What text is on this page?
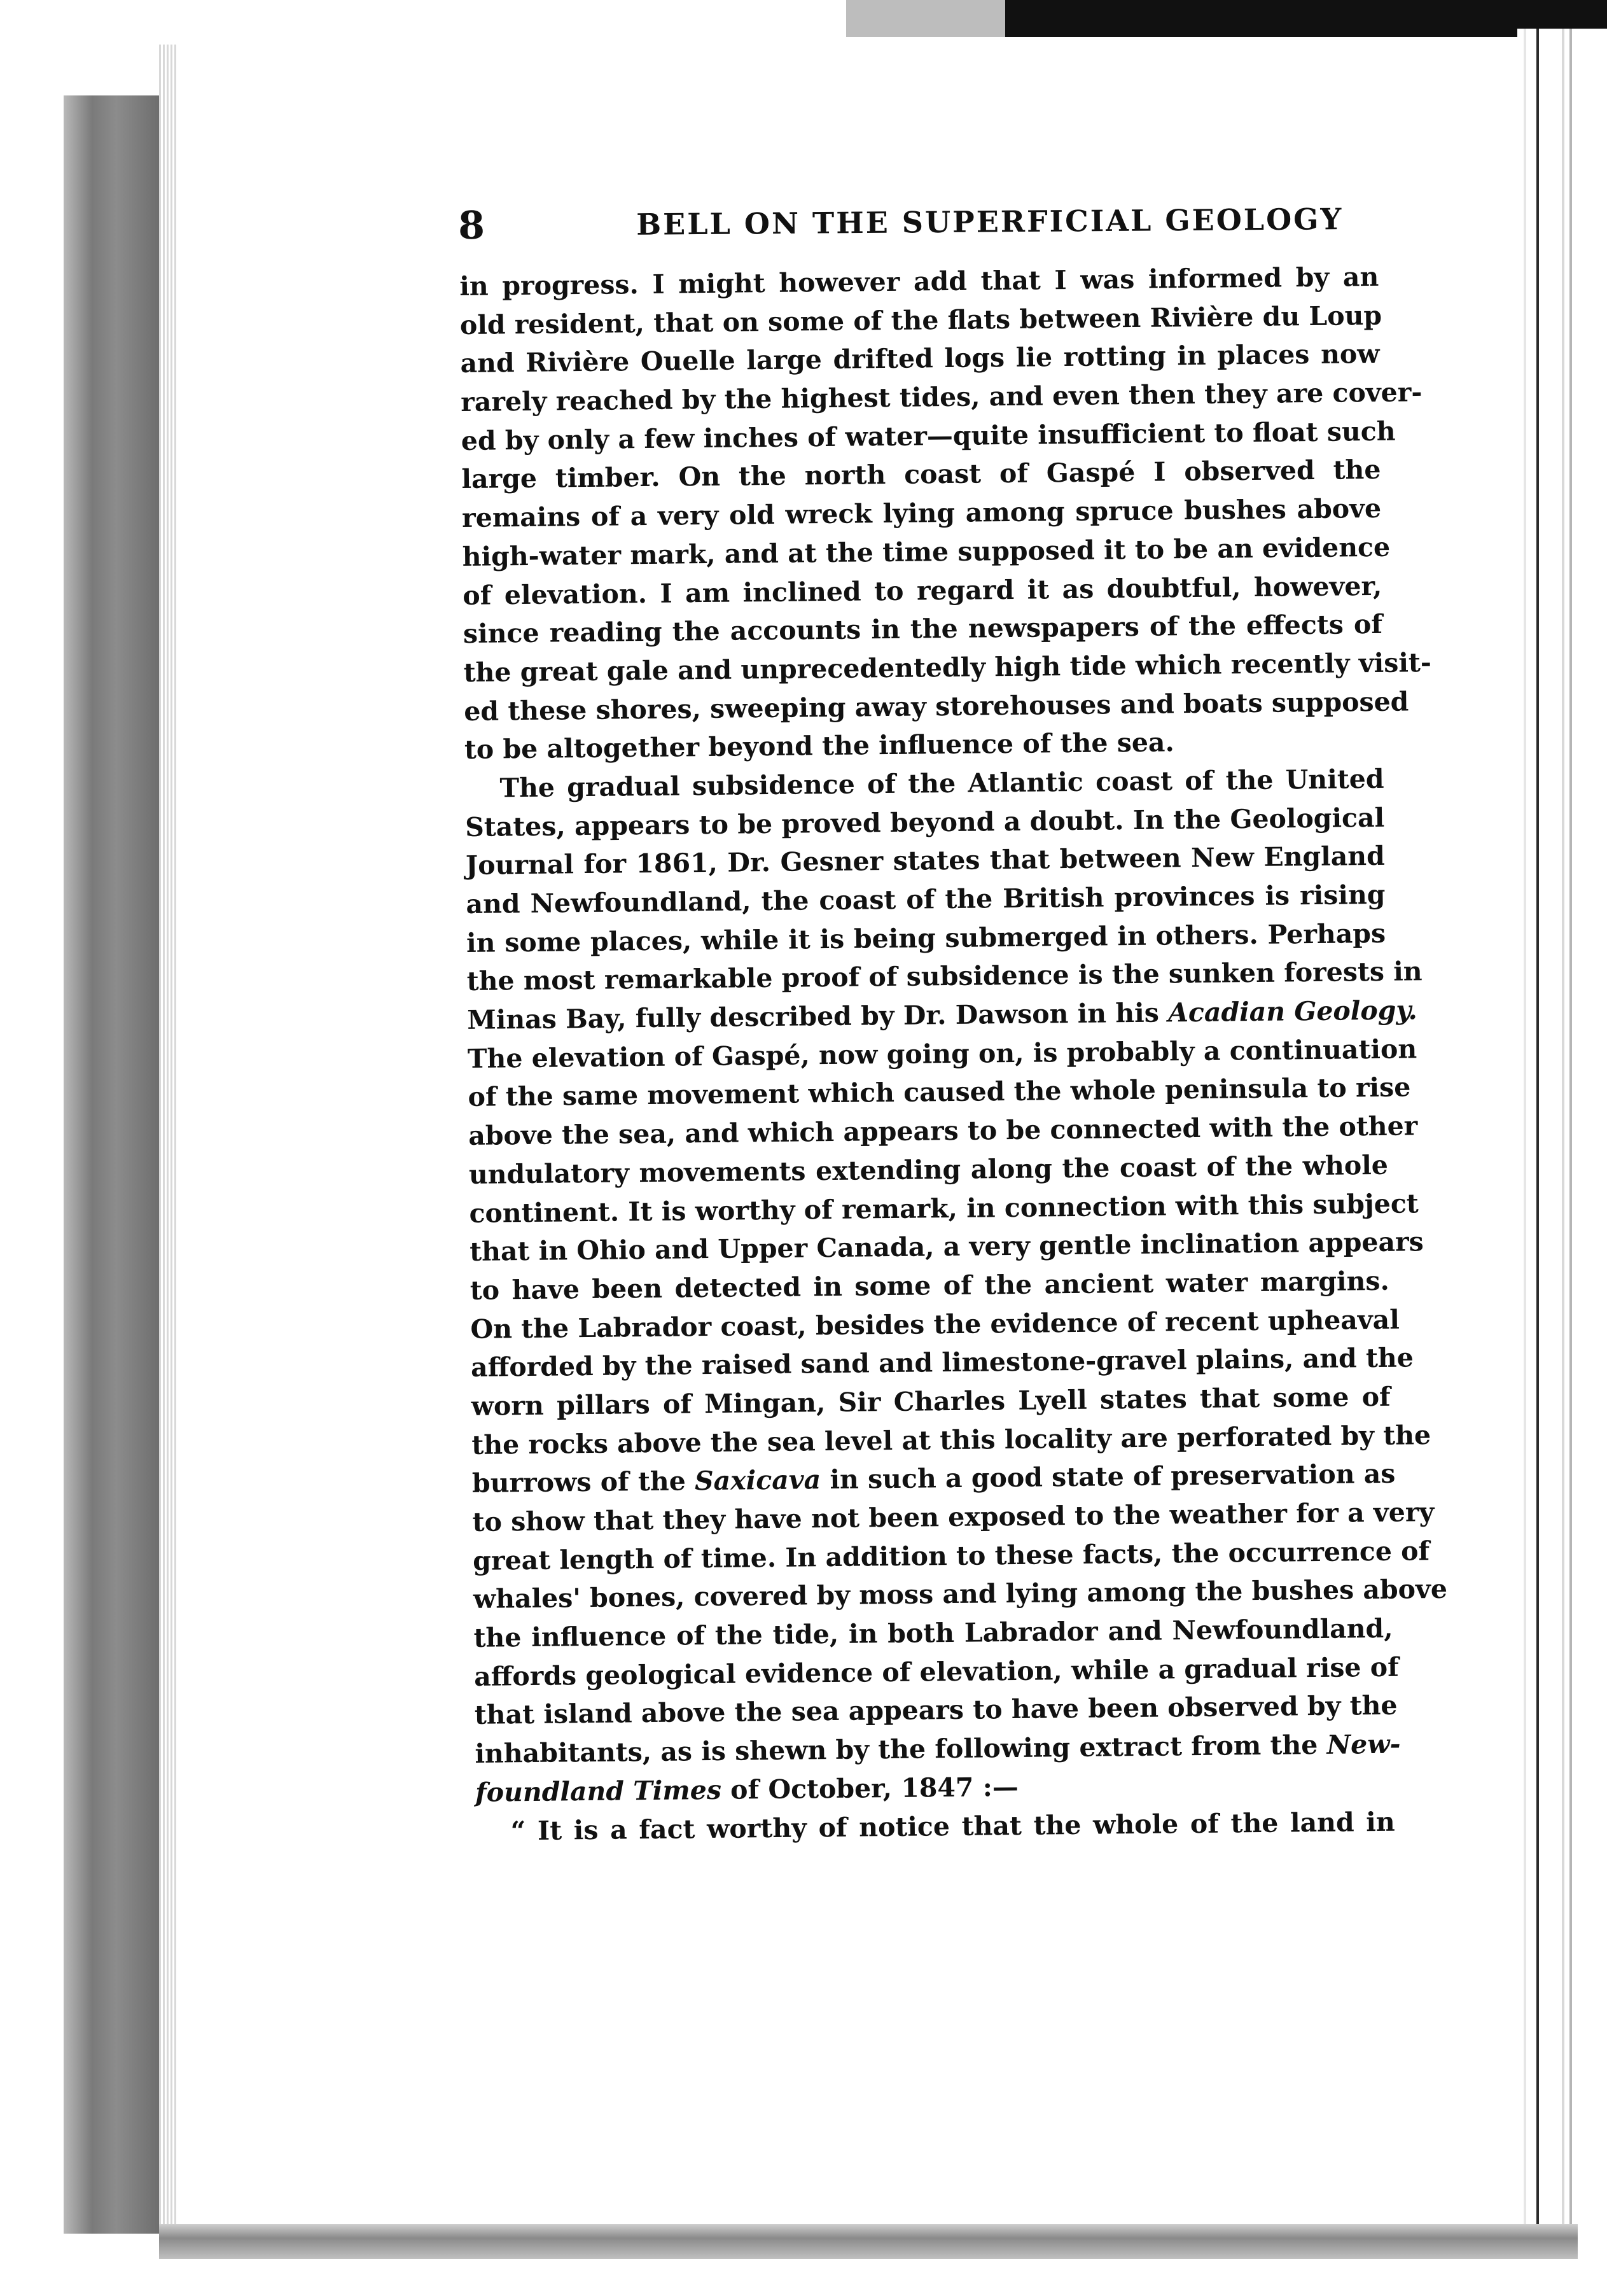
8	BELL ON THE SUPERFICIAL GEOLOGY
in progress. I might however add that I was informed by an
old resident, that on some of the flats between Rivière du Loup
and Rivière Ouelle large drifted logs lie rotting in places now
rarely reached by the highest tides, and even then they are cover-
ed by only a few inches of water—quite insufficient to float such
large timber. On the north coast of Gaspé I observed the
remains of a very old wreck lying among spruce bushes above
high-water mark, and at the time supposed it to be an evidence
of elevation. I am inclined to regard it as doubtful, however,
since reading the accounts in the newspapers of the effects of
the great gale and unprecedentedly high tide which recently visit-
ed these shores, sweeping away storehouses and boats supposed
to be altogether beyond the influence of the sea.
The gradual subsidence of the Atlantic coast of the United
States, appears to be proved beyond a doubt. In the Geological
Journal for 1861, Dr. Gesner states that between New England
and Newfoundland, the coast of the British provinces is rising
in some places, while it is being submerged in others. Perhaps
the most remarkable proof of subsidence is the sunken forests in
Minas Bay, fully described by Dr. Dawson in his Acadian Geology.
The elevation of Gaspé, now going on, is probably a continuation
of the same movement which caused the whole peninsula to rise
above the sea, and which appears to be connected with the other
undulatory movements extending along the coast of the whole
continent. It is worthy of remark, in connection with this subject
that in Ohio and Upper Canada, a very gentle inclination appears
to have been detected in some of the ancient water margins.
On the Labrador coast, besides the evidence of recent upheaval
afforded by the raised sand and limestone-gravel plains, and the
worn pillars of Mingan, Sir Charles Lyell states that some of
the rocks above the sea level at this locality are perforated by the
burrows of the Saxicava in such a good state of preservation as
to show that they have not been exposed to the weather for a very
great length of time. In addition to these facts, the occurrence of
whales' bones, covered by moss and lying among the bushes above
the influence of the tide, in both Labrador and Newfoundland,
affords geological evidence of elevation, while a gradual rise of
that island above the sea appears to have been observed by the
inhabitants, as is shewn by the following extract from the New-
foundland Times of October, 1847 :—
“ It is a fact worthy of notice that the whole of the land in
